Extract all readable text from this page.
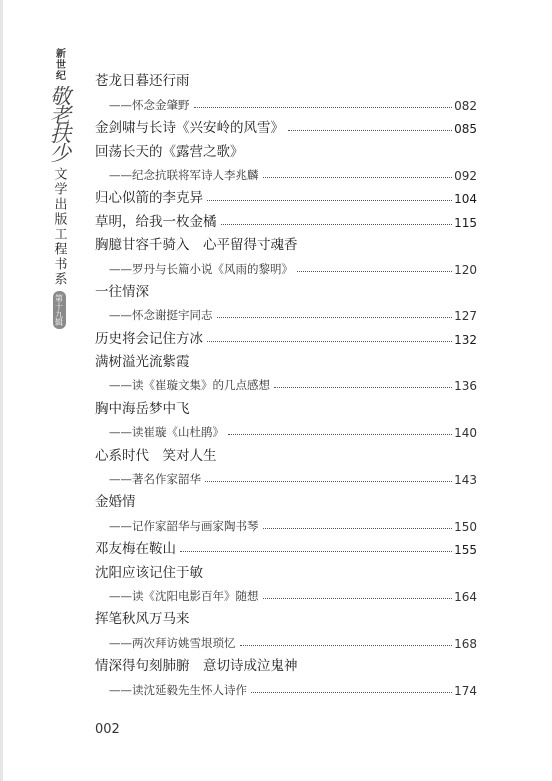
新世纪
敬老扶少
文学出版工程书系
第十九辑
苍龙日暮还行雨
——怀念金肇野	082
金剑啸与长诗《兴安岭的风雪》	085
回荡长天的《露营之歌》
——纪念抗联将军诗人李兆麟	092
归心似箭的李克异	104
草明，给我一枚金橘	115
胸臆甘容千骑入　心平留得寸魂香
——罗丹与长篇小说《风雨的黎明》	120
一往情深
——怀念谢挺宇同志	127
历史将会记住方冰	132
满树溢光流紫霞
——读《崔璇文集》的几点感想	136
胸中海岳梦中飞
——读崔璇《山杜鹃》	140
心系时代　笑对人生
——著名作家韶华	143
金婚情
——记作家韶华与画家陶书琴	150
邓友梅在鞍山	155
沈阳应该记住于敏
——读《沈阳电影百年》随想	164
挥笔秋风万马来
——两次拜访姚雪垠琐忆	168
情深得句刻肺腑　意切诗成泣鬼神
——读沈延毅先生怀人诗作	174
002
